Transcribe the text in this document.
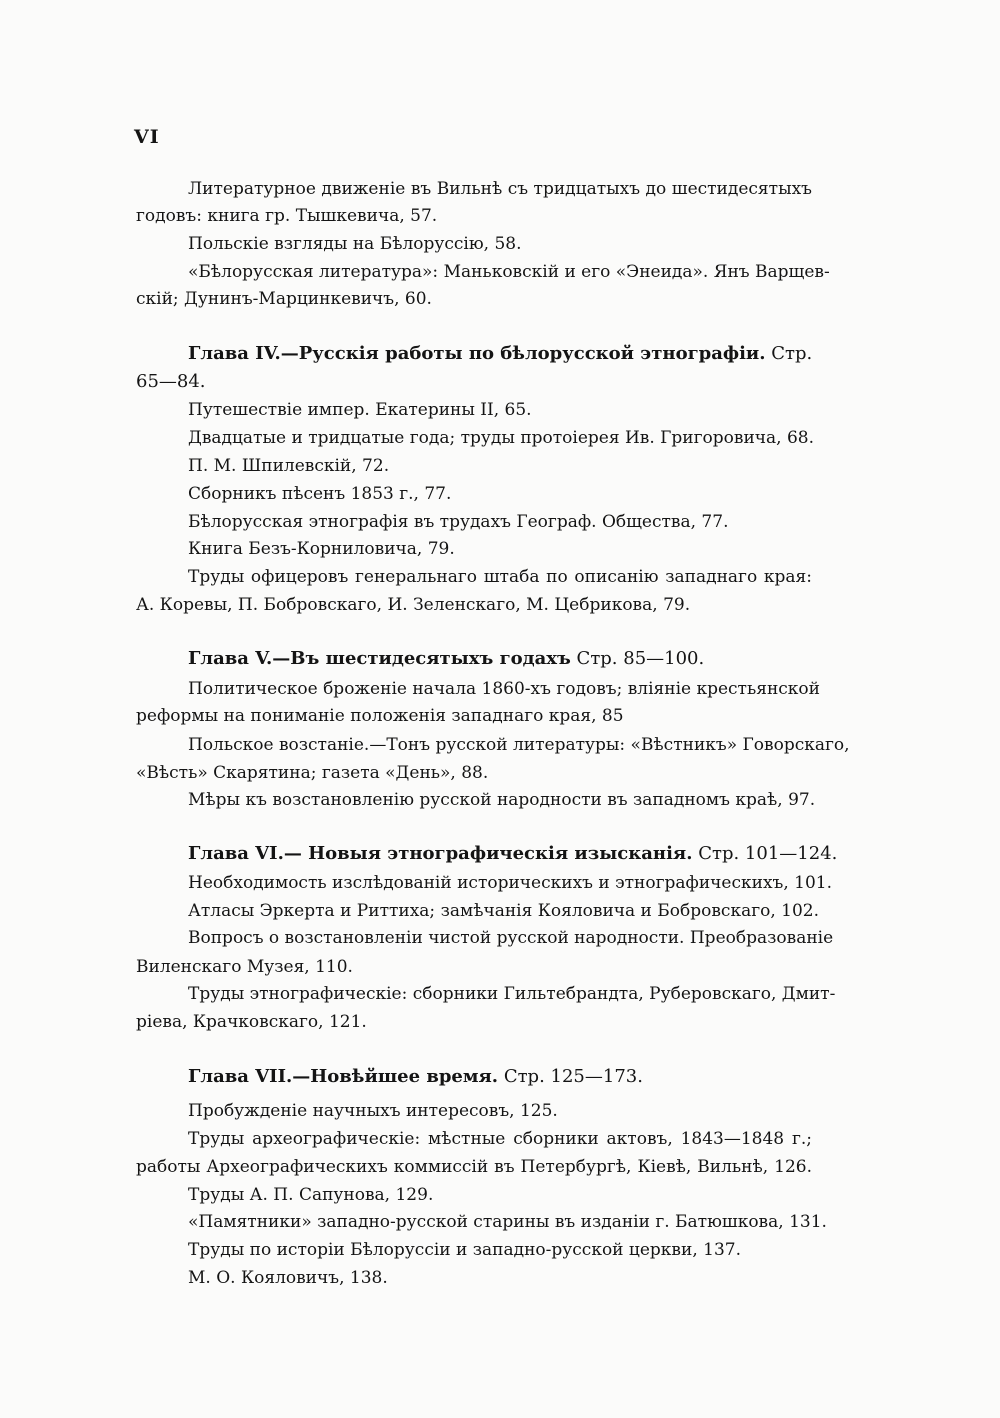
VI

Литературное движеніе въ Вильнѣ съ тридцатыхъ до шестидесятыхъ

годовъ: книга гр. Тышкевича, 57.

Польскіе взгляды на Бѣлоруссію, 58.

«Бѣлорусская литература»: Маньковскій и его «Энеида». Янъ Варщев-

скій; Дунинъ-Марцинкевичъ, 60.

Глава IV.—Русскія работы по бѣлорусской этнографіи. Стр.

65—84.

Путешествіе импер. Екатерины II, 65.

Двадцатые и тридцатые года; труды протоіерея Ив. Григоровича, 68.

П. М. Шпилевскій, 72.

Сборникъ пѣсенъ 1853 г., 77.

Бѣлорусская этнографія въ трудахъ Географ. Общества, 77.

Книга Безъ-Корниловича, 79.

Труды офицеровъ генеральнаго штаба по описанію западнаго края:

А. Коревы, П. Бобровскаго, И. Зеленскаго, М. Цебрикова, 79.

Глава V.—Въ шестидесятыхъ годахъ Стр. 85—100.

Политическое броженіе начала 1860-хъ годовъ; вліяніе крестьянской

реформы на пониманіе положенія западнаго края, 85

Польское возстаніе.—Тонъ русской литературы: «Вѣстникъ» Говорскаго,

«Вѣсть» Скарятина; газета «День», 88.

Мѣры къ возстановленію русской народности въ западномъ краѣ, 97.

Глава VI.— Новыя этнографическія изысканія. Стр. 101—124.

Необходимость изслѣдованій историческихъ и этнографическихъ, 101.

Атласы Эркерта и Риттиха; замѣчанія Кояловича и Бобровскаго, 102.

Вопросъ о возстановленіи чистой русской народности. Преобразованіе

Виленскаго Музея, 110.

Труды этнографическіе: сборники Гильтебрандта, Руберовскаго, Дмит-

ріева, Крачковскаго, 121.

Глава VII.—Новѣйшее время. Стр. 125—173.

Пробужденіе научныхъ интересовъ, 125.

Труды археографическіе: мѣстные сборники актовъ, 1843—1848 г.;

работы Археографическихъ коммиссій въ Петербургѣ, Кіевѣ, Вильнѣ, 126.

Труды А. П. Сапунова, 129.

«Памятники» западно-русской старины въ изданіи г. Батюшкова, 131.

Труды по исторіи Бѣлоруссіи и западно-русской церкви, 137.

М. О. Кояловичъ, 138.
